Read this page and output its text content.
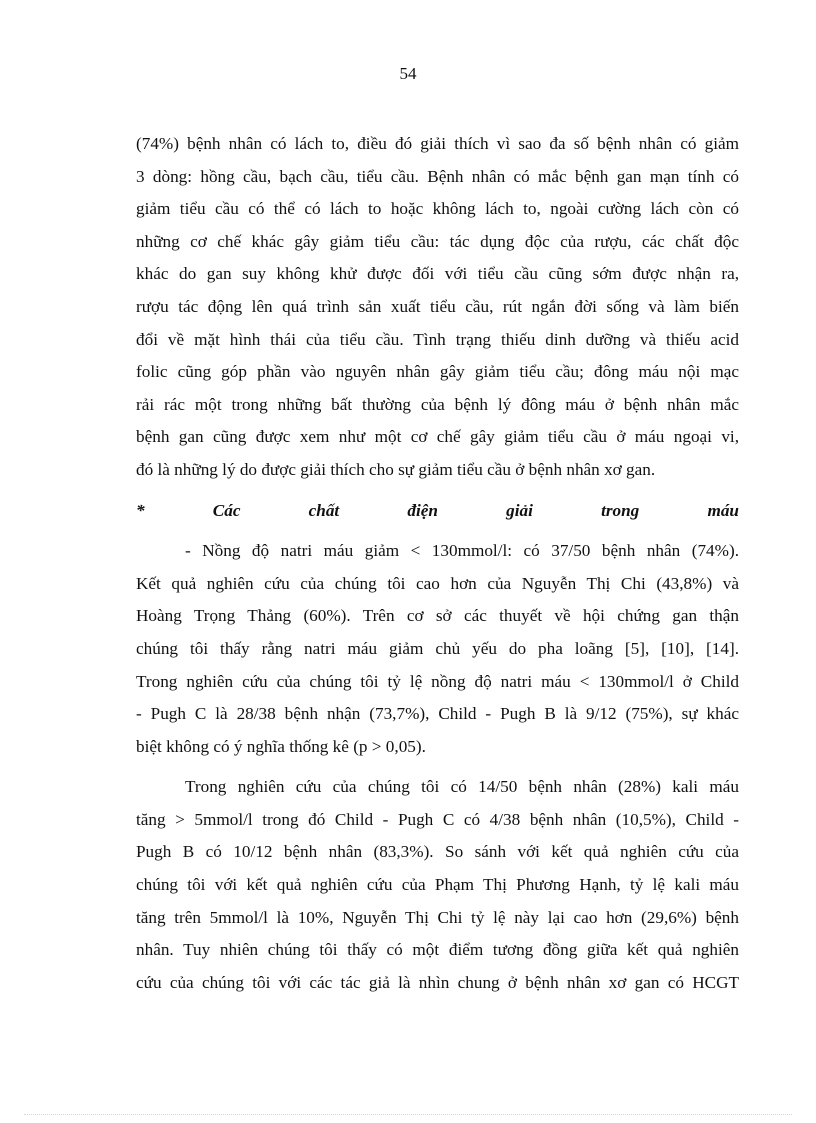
54

(74%) bệnh nhân có lách to, điều đó giải thích vì sao đa số bệnh nhân có giảm
3 dòng: hồng cầu, bạch cầu, tiểu cầu. Bệnh nhân có mắc bệnh gan mạn tính có
giảm tiểu cầu có thể có lách to hoặc không lách to, ngoài cường lách còn có
những cơ chế khác gây giảm tiểu cầu: tác dụng độc của rượu, các chất độc
khác do gan suy không khử được đối với tiểu cầu cũng sớm được nhận ra,
rượu tác động lên quá trình sản xuất tiểu cầu, rút ngắn đời sống và làm biến
đổi về mặt hình thái của tiểu cầu. Tình trạng thiếu dinh dưỡng và thiếu acid
folic cũng góp phần vào nguyên nhân gây giảm tiểu cầu; đông máu nội mạc
rải rác một trong những bất thường của bệnh lý đông máu ở bệnh nhân mắc
bệnh gan cũng được xem như một cơ chế gây giảm tiểu cầu ở máu ngoại vi,
đó là những lý do được giải thích cho sự giảm tiểu cầu ở bệnh nhân xơ gan.

* Các chất điện giải trong máu

- Nồng độ natri máu giảm < 130mmol/l: có 37/50 bệnh nhân (74%).
Kết quả nghiên cứu của chúng tôi cao hơn của Nguyễn Thị Chi (43,8%) và
Hoàng Trọng Thảng (60%). Trên cơ sở các thuyết về hội chứng gan thận
chúng tôi thấy rằng natri máu giảm chủ yếu do pha loãng [5], [10], [14].
Trong nghiên cứu của chúng tôi tỷ lệ nồng độ natri máu < 130mmol/l ở Child
- Pugh C là 28/38 bệnh nhận (73,7%), Child - Pugh B là 9/12 (75%), sự khác
biệt không có ý nghĩa thống kê (p > 0,05).

Trong nghiên cứu của chúng tôi có 14/50 bệnh nhân (28%) kali máu
tăng > 5mmol/l trong đó Child - Pugh C có 4/38 bệnh nhân (10,5%), Child -
Pugh B có 10/12 bệnh nhân (83,3%). So sánh với kết quả nghiên cứu của
chúng tôi với kết quả nghiên cứu của Phạm Thị Phương Hạnh, tỷ lệ kali máu
tăng trên 5mmol/l là 10%, Nguyễn Thị Chi tỷ lệ này lại cao hơn (29,6%) bệnh
nhân. Tuy nhiên chúng tôi thấy có một điểm tương đồng giữa kết quả nghiên
cứu của chúng tôi với các tác giả là nhìn chung ở bệnh nhân xơ gan có HCGT
